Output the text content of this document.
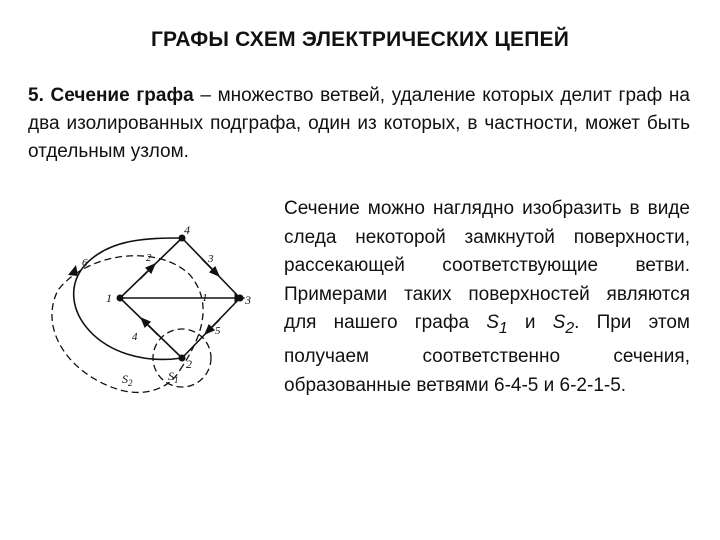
ГРАФЫ СХЕМ ЭЛЕКТРИЧЕСКИХ ЦЕПЕЙ
5. Сечение графа – множество ветвей, удаление которых делит граф на два изолированных подграфа, один из которых, в частности, может быть отдельным узлом.
Сечение можно наглядно изобразить в виде следа некоторой замкнутой поверхности, рассекающей соответствующие ветви. Примерами таких поверхностей являются для нашего графа $S_1$ и $S_2$. При этом получаем соответственно сечения, образованные ветвями 6-4-5 и 6-2-1-5.
1
2
3
4
1
2	3
4	5
6
$S_1$
$S_2$
